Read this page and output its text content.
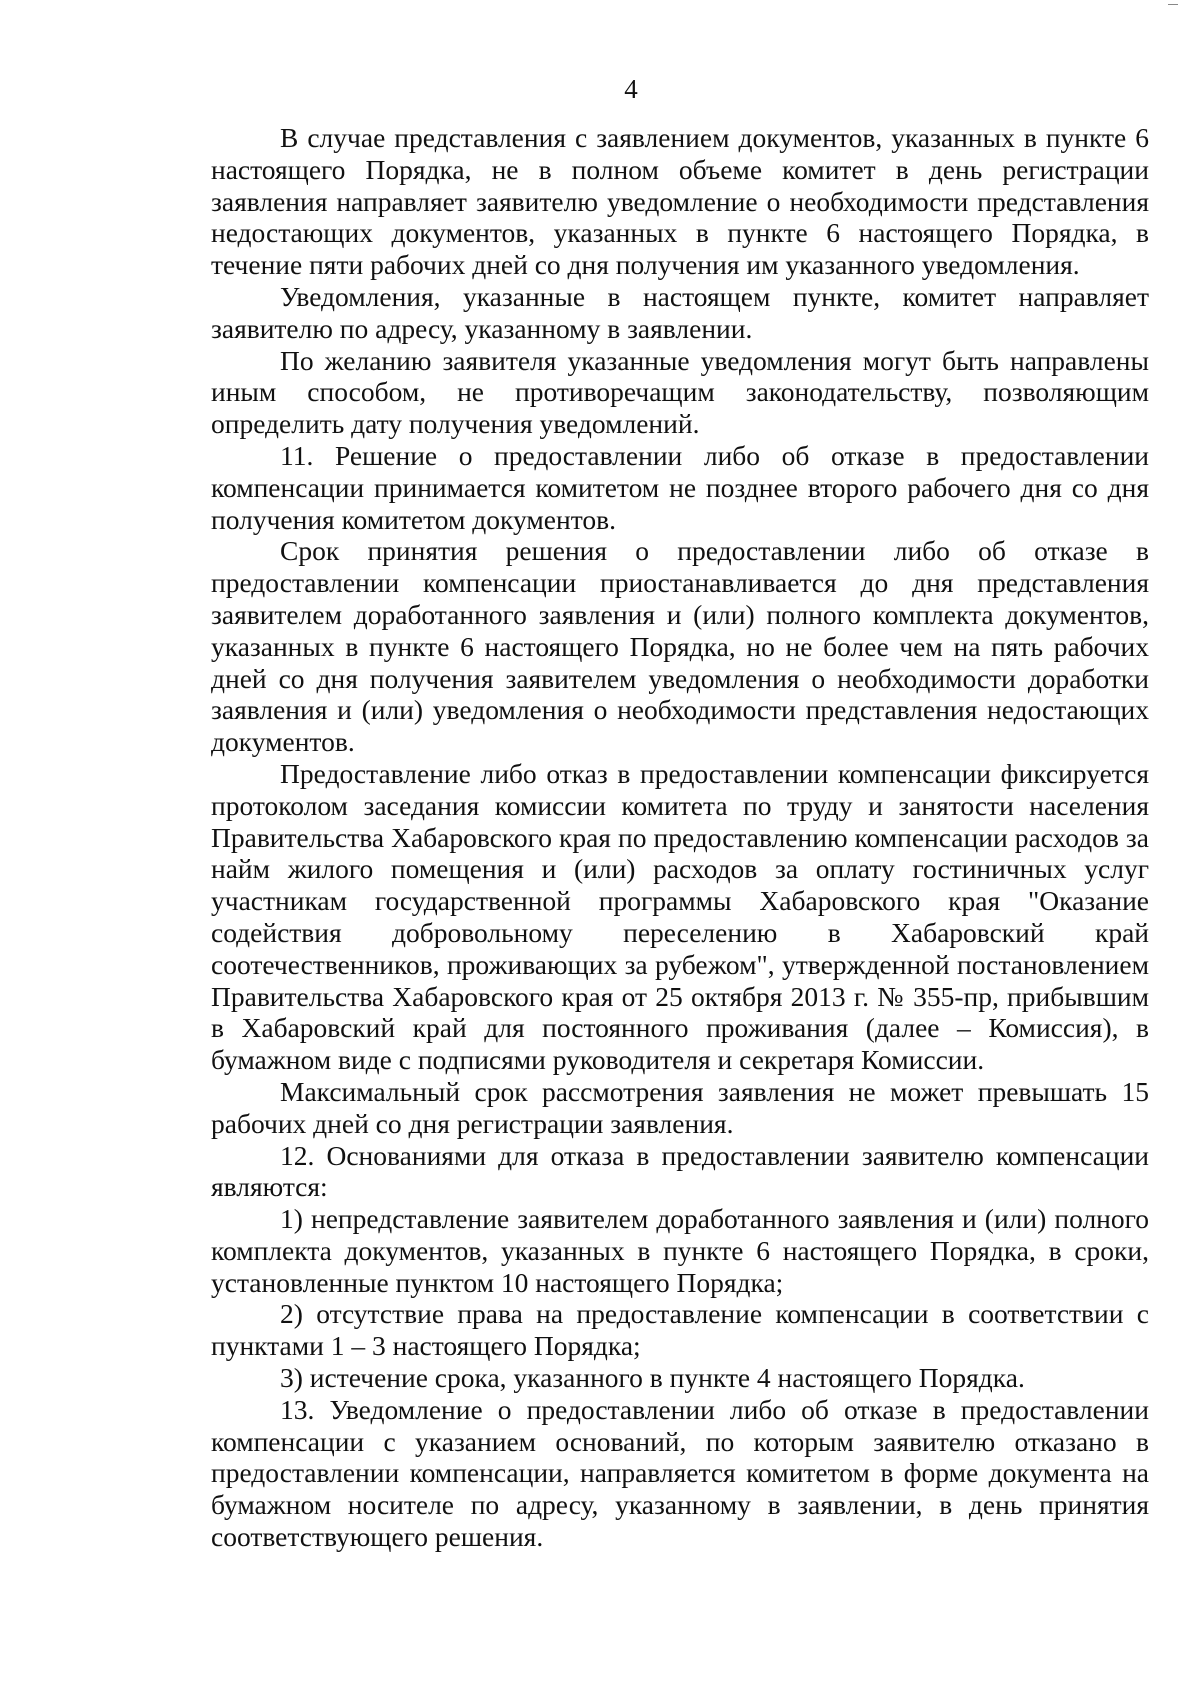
4

В случае представления с заявлением документов, указанных в пункте 6 настоящего Порядка, не в полном объеме комитет в день регистрации заявления направляет заявителю уведомление о необходимости представления недостающих документов, указанных в пункте 6 настоящего Порядка, в течение пяти рабочих дней со дня получения им указанного уведомления.

Уведомления, указанные в настоящем пункте, комитет направляет заявителю по адресу, указанному в заявлении.

По желанию заявителя указанные уведомления могут быть направлены иным способом, не противоречащим законодательству, позволяющим определить дату получения уведомлений.

11. Решение о предоставлении либо об отказе в предоставлении компенсации принимается комитетом не позднее второго рабочего дня со дня получения комитетом документов.

Срок принятия решения о предоставлении либо об отказе в предоставлении компенсации приостанавливается до дня представления заявителем доработанного заявления и (или) полного комплекта документов, указанных в пункте 6 настоящего Порядка, но не более чем на пять рабочих дней со дня получения заявителем уведомления о необходимости доработки заявления и (или) уведомления о необходимости представления недостающих документов.

Предоставление либо отказ в предоставлении компенсации фиксируется протоколом заседания комиссии комитета по труду и занятости населения Правительства Хабаровского края по предоставлению компенсации расходов за найм жилого помещения и (или) расходов за оплату гостиничных услуг участникам государственной программы Хабаровского края "Оказание содействия добровольному переселению в Хабаровский край соотечественников, проживающих за рубежом", утвержденной постановлением Правительства Хабаровского края от 25 октября 2013 г. № 355-пр, прибывшим в Хабаровский край для постоянного проживания (далее – Комиссия), в бумажном виде с подписями руководителя и секретаря Комиссии.

Максимальный срок рассмотрения заявления не может превышать 15 рабочих дней со дня регистрации заявления.

12. Основаниями для отказа в предоставлении заявителю компенсации являются:

1) непредставление заявителем доработанного заявления и (или) полного комплекта документов, указанных в пункте 6 настоящего Порядка, в сроки, установленные пунктом 10 настоящего Порядка;

2) отсутствие права на предоставление компенсации в соответствии с пунктами 1 – 3 настоящего Порядка;

3) истечение срока, указанного в пункте 4 настоящего Порядка.

13. Уведомление о предоставлении либо об отказе в предоставлении компенсации с указанием оснований, по которым заявителю отказано в предоставлении компенсации, направляется комитетом в форме документа на бумажном носителе по адресу, указанному в заявлении, в день принятия соответствующего решения.
